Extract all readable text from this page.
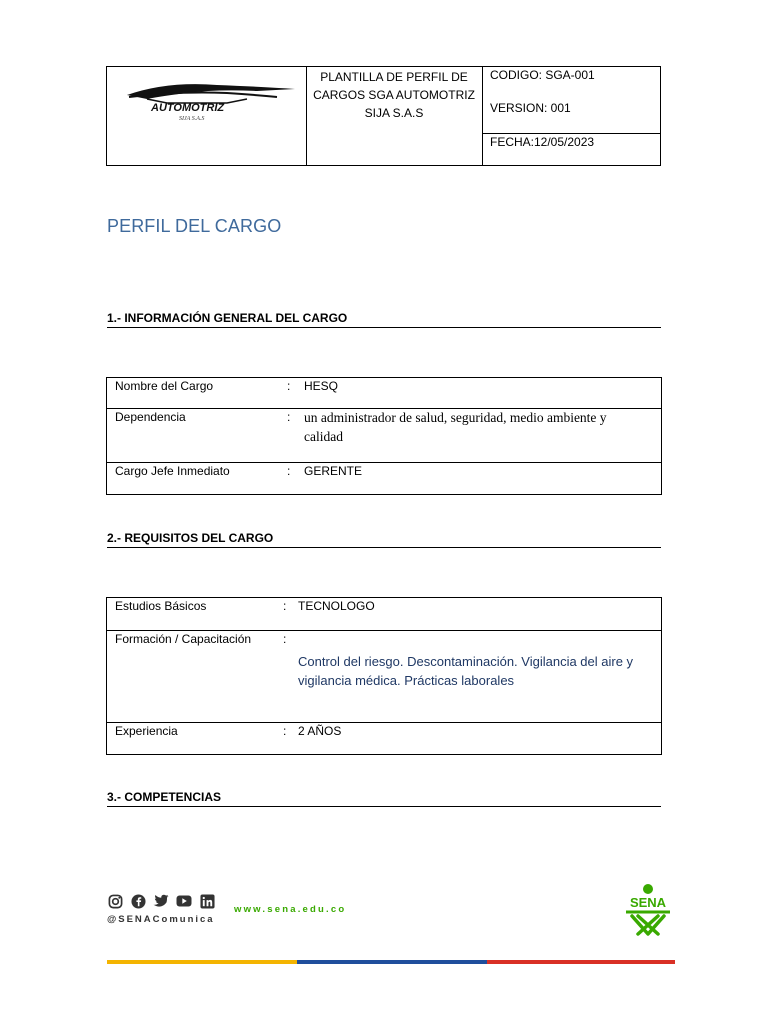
AUTOMOTRIZ
SIJA S.A.S
PLANTILLA DE PERFIL DE
CARGOS SGA AUTOMOTRIZ
SIJA S.A.S
CODIGO: SGA-001
VERSION: 001
FECHA:12/05/2023
PERFIL DEL CARGO
1.- INFORMACIÓN GENERAL DEL CARGO
Nombre del Cargo	: HESQ
Dependencia	: un administrador de salud, seguridad, medio ambiente y
calidad
Cargo Jefe Inmediato	: GERENTE
2.- REQUISITOS DEL CARGO
Estudios Básicos	: TECNOLOGO
Formación / Capacitación	:
Control del riesgo. Descontaminación. Vigilancia del aire y
vigilancia médica. Prácticas laborales
Experiencia	: 2 AÑOS
3.- COMPETENCIAS
@SENAComunica
www.sena.edu.co	SENA
